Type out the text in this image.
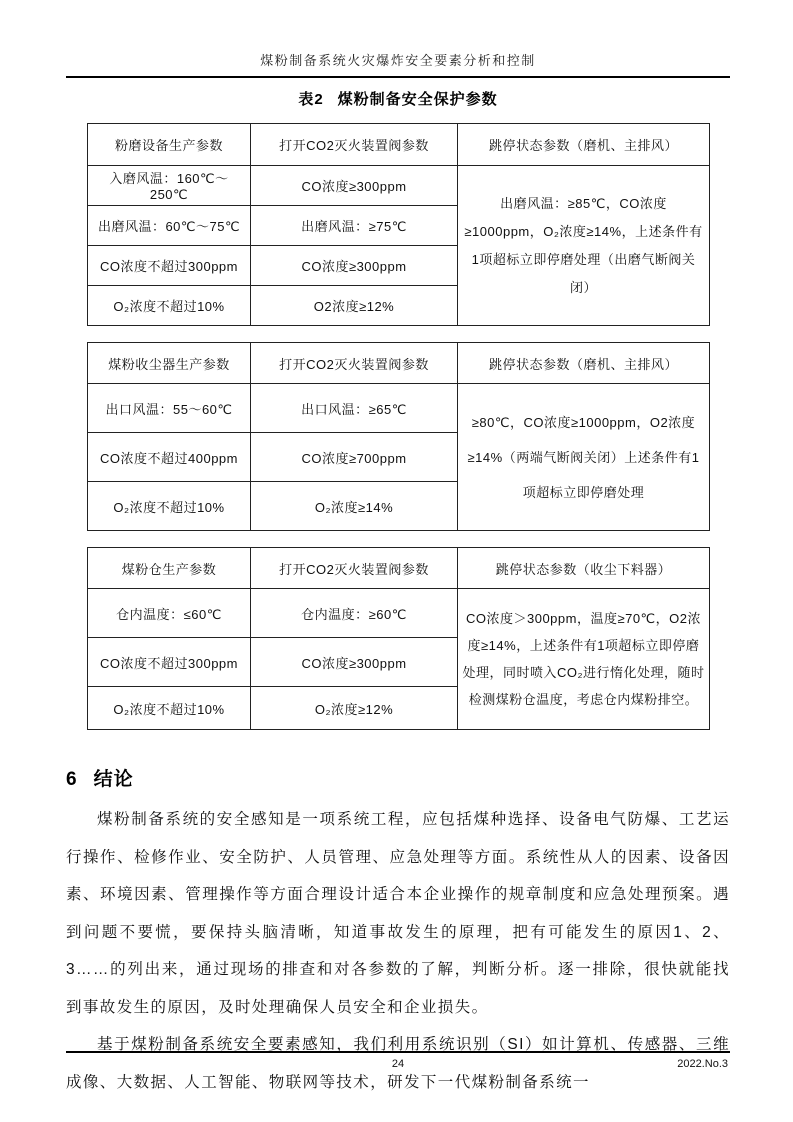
煤粉制备系统火灾爆炸安全要素分析和控制
表2 煤粉制备安全保护参数
粉磨设备生产参数	打开CO2灭火装置阀参数	跳停状态参数（磨机、主排风）
入磨风温：160℃～250℃	CO浓度≥300ppm	出磨风温：≥85℃，CO浓度≥1000ppm，O₂浓度≥14%，上述条件有1项超标立即停磨处理（出磨气断阀关闭）
出磨风温：60℃～75℃	出磨风温：≥75℃	
CO浓度不超过300ppm	CO浓度≥300ppm	
O₂浓度不超过10%	O2浓度≥12%	
煤粉收尘器生产参数	打开CO2灭火装置阀参数	跳停状态参数（磨机、主排风）
出口风温：55～60℃	出口风温：≥65℃	≥80℃，CO浓度≥1000ppm，O2浓度≥14%（两端气断阀关闭）上述条件有1项超标立即停磨处理
CO浓度不超过400ppm	CO浓度≥700ppm	
O₂浓度不超过10%	O₂浓度≥14%	
煤粉仓生产参数	打开CO2灭火装置阀参数	跳停状态参数（收尘下料器）
仓内温度：≤60℃	仓内温度：≥60℃	CO浓度＞300ppm，温度≥70℃，O2浓度≥14%，上述条件有1项超标立即停磨处理，同时喷入CO₂进行惰化处理，随时检测煤粉仓温度，考虑仓内煤粉排空。
CO浓度不超过300ppm	CO浓度≥300ppm	
O₂浓度不超过10%	O₂浓度≥12%	
6 结论

煤粉制备系统的安全感知是一项系统工程，应包括煤种选择、设备电气防爆、工艺运行操作、检修作业、安全防护、人员管理、应急处理等方面。系统性从人的因素、设备因素、环境因素、管理操作等方面合理设计适合本企业操作的规章制度和应急处理预案。遇到问题不要慌，要保持头脑清晰，知道事故发生的原理，把有可能发生的原因1、2、3……的列出来，通过现场的排查和对各参数的了解，判断分析。逐一排除，很快就能找到事故发生的原因，及时处理确保人员安全和企业损失。

基于煤粉制备系统安全要素感知，我们利用系统识别（SI）如计算机、传感器、三维成像、大数据、人工智能、物联网等技术，研发下一代煤粉制备系统一

24	2022.No.3
